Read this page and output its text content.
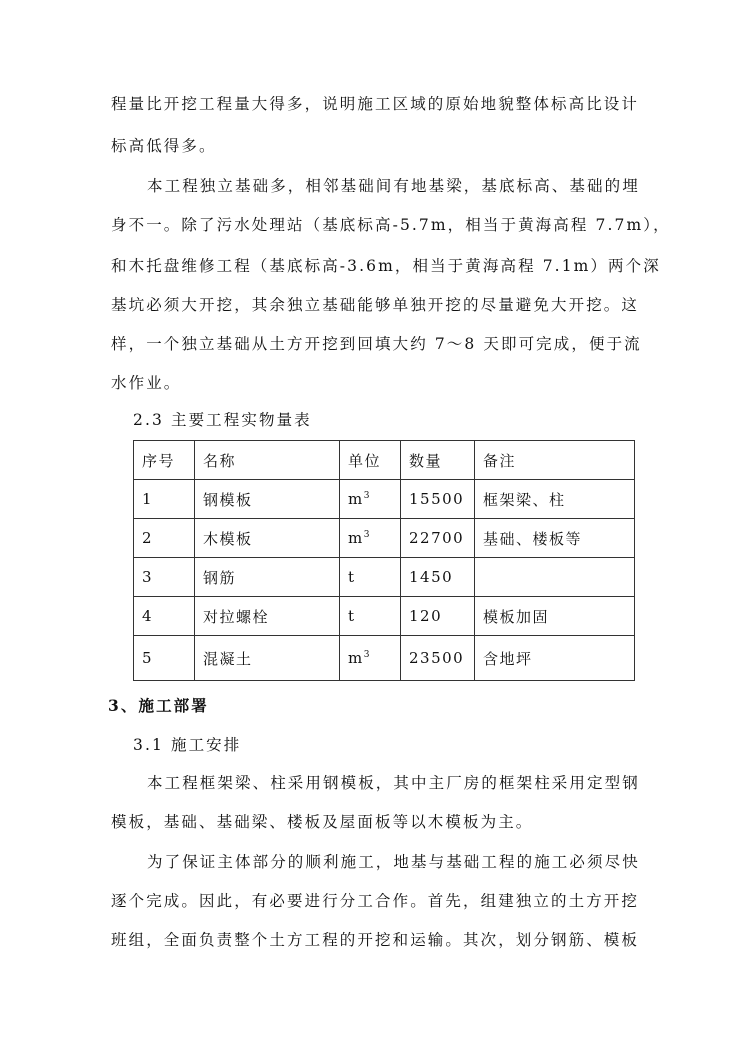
程量比开挖工程量大得多，说明施工区域的原始地貌整体标高比设计
标高低得多。
本工程独立基础多，相邻基础间有地基梁，基底标高、基础的埋
身不一。除了污水处理站（基底标高-5.7m，相当于黄海高程 7.7m），
和木托盘维修工程（基底标高-3.6m，相当于黄海高程 7.1m）两个深
基坑必须大开挖，其余独立基础能够单独开挖的尽量避免大开挖。这
样，一个独立基础从土方开挖到回填大约 7～8 天即可完成，便于流
水作业。
2.3 主要工程实物量表
序号	名称	单位	数量	备注
1	钢模板	$m^3$	15500	框架梁、柱
2	木模板	$m^3$	22700	基础、楼板等
3	钢筋	t	1450	
4	对拉螺栓	t	120	模板加固
5	混凝土	$m^3$	23500	含地坪
3、施工部署
3.1 施工安排
本工程框架梁、柱采用钢模板，其中主厂房的框架柱采用定型钢
模板，基础、基础梁、楼板及屋面板等以木模板为主。
为了保证主体部分的顺利施工，地基与基础工程的施工必须尽快
逐个完成。因此，有必要进行分工合作。首先，组建独立的土方开挖
班组，全面负责整个土方工程的开挖和运输。其次，划分钢筋、模板
